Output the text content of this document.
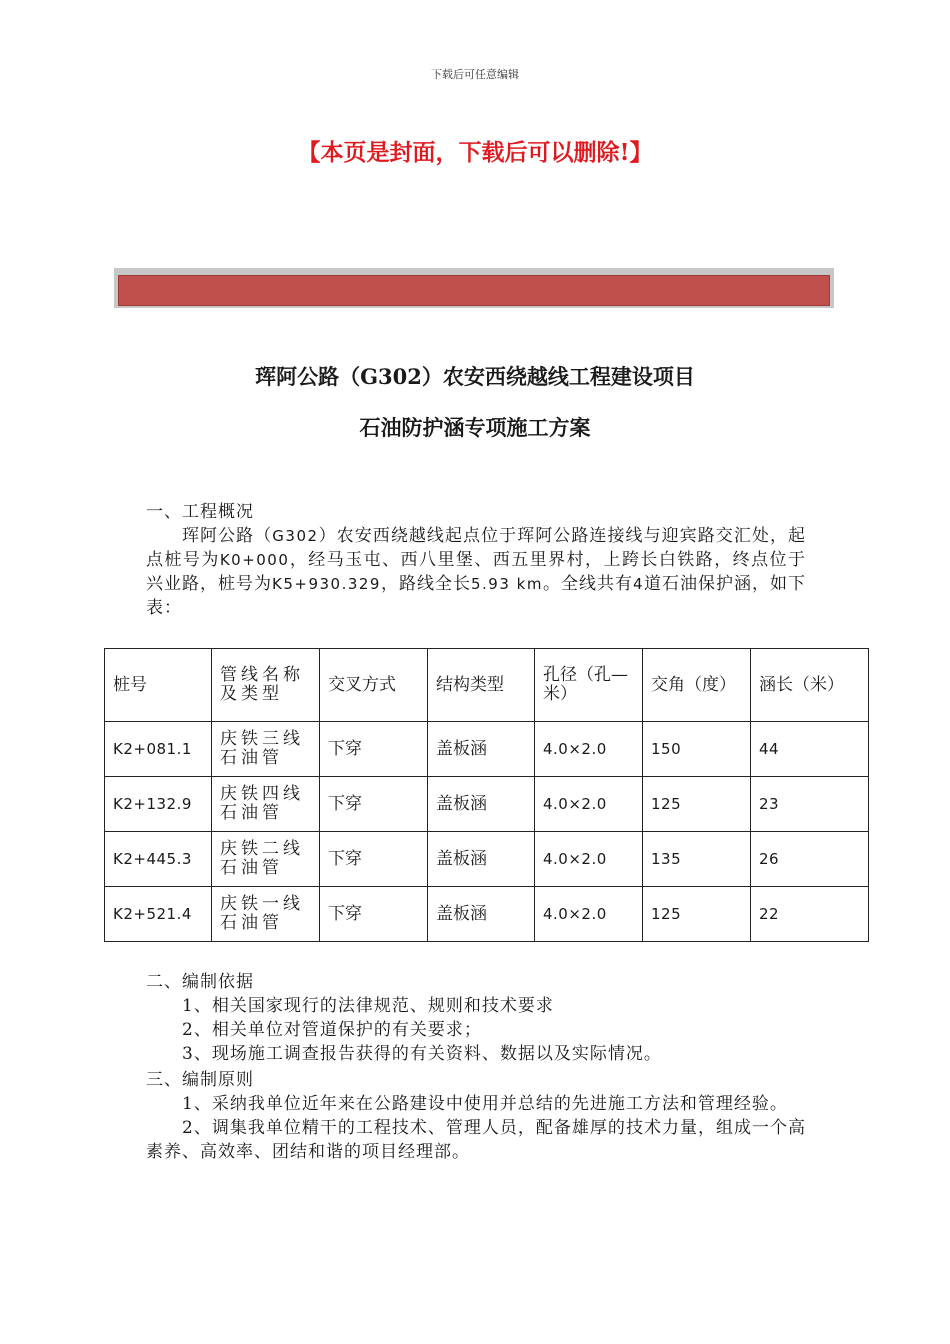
下载后可任意编辑
【本页是封面，下载后可以删除!】
珲阿公路（G302）农安西绕越线工程建设项目
石油防护涵专项施工方案
一、工程概况
珲阿公路（G302）农安西绕越线起点位于珲阿公路连接线与迎宾路交汇处，起点桩号为K0+000，经马玉屯、西八里堡、西五里界村，上跨长白铁路，终点位于兴业路，桩号为K5+930.329，路线全长5.93 km。全线共有4道石油保护涵，如下表：
桩号	管线名称及类型	交叉方式	结构类型	孔径（孔—米）	交角（度）	涵长（米）
K2+081.1	庆铁三线石油管	下穿	盖板涵	4.0×2.0	150	44
K2+132.9	庆铁四线石油管	下穿	盖板涵	4.0×2.0	125	23
K2+445.3	庆铁二线石油管	下穿	盖板涵	4.0×2.0	135	26
K2+521.4	庆铁一线石油管	下穿	盖板涵	4.0×2.0	125	22
二、编制依据
1、相关国家现行的法律规范、规则和技术要求
2、相关单位对管道保护的有关要求；
3、现场施工调查报告获得的有关资料、数据以及实际情况。
三、编制原则
1、采纳我单位近年来在公路建设中使用并总结的先进施工方法和管理经验。
2、调集我单位精干的工程技术、管理人员，配备雄厚的技术力量，组成一个高素养、高效率、团结和谐的项目经理部。
